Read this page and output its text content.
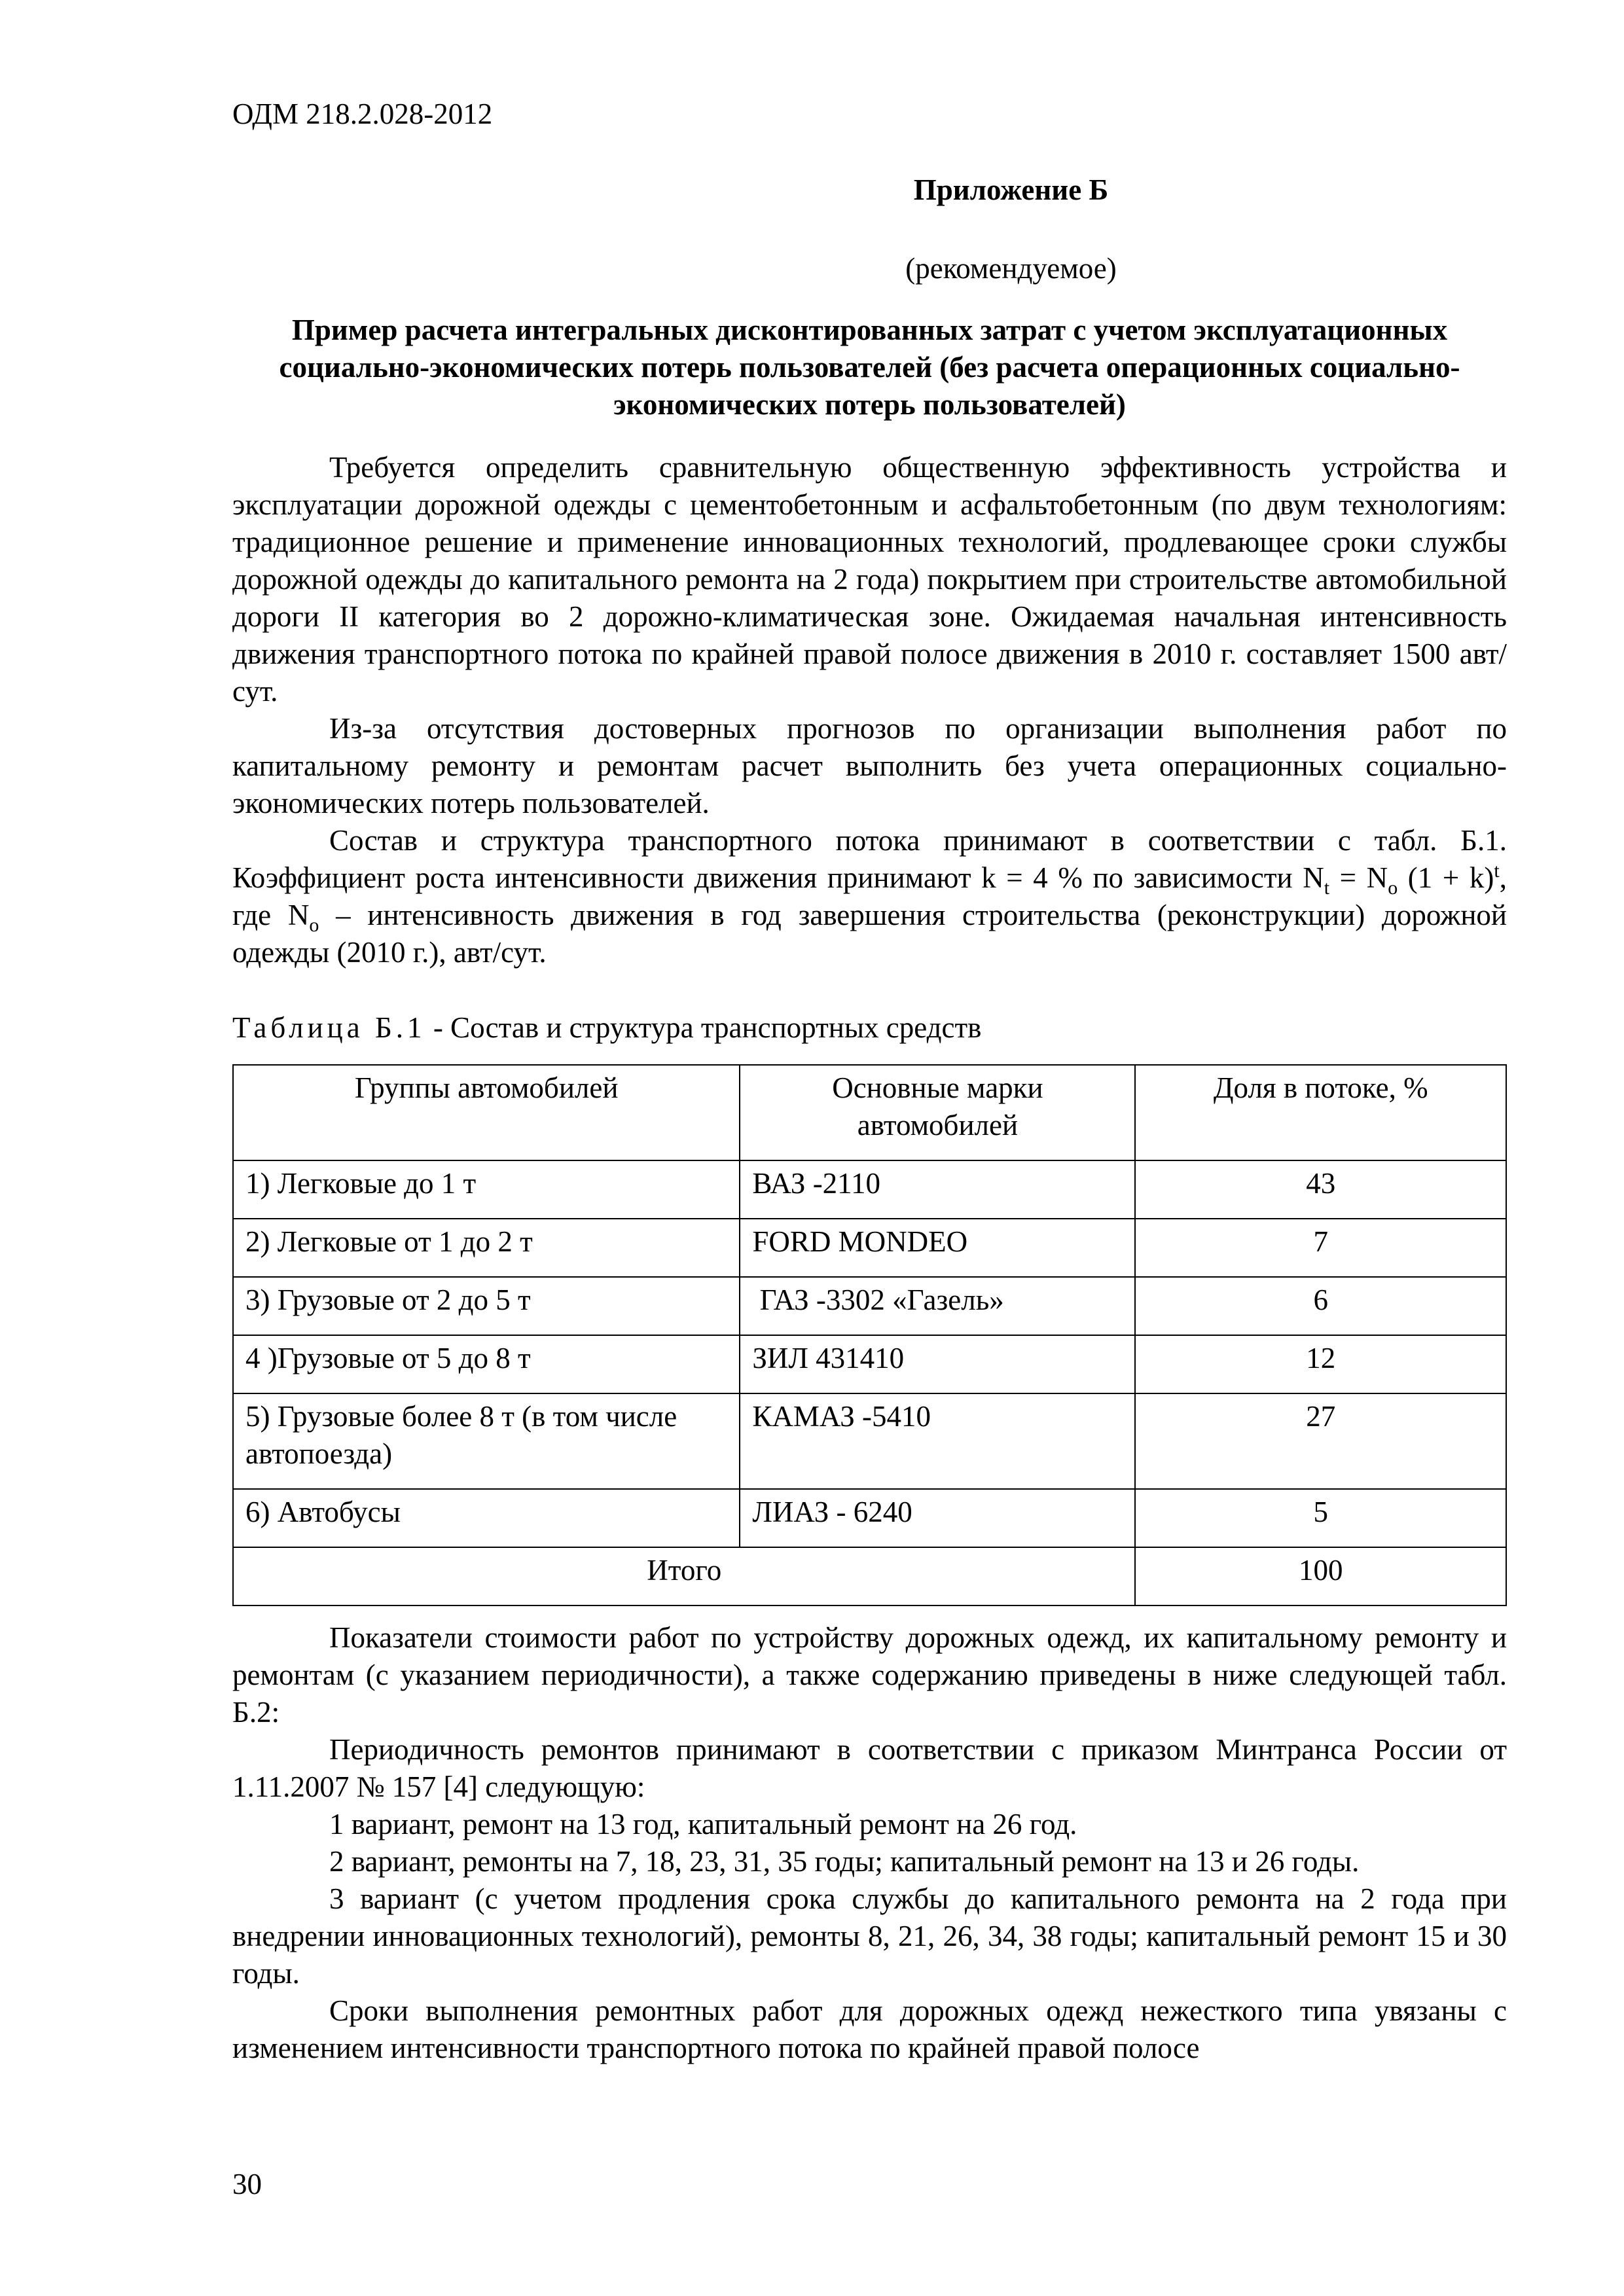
ОДМ 218.2.028-2012
Приложение Б
(рекомендуемое)
Пример расчета интегральных дисконтированных затрат с учетом эксплуатационных
социально-экономических потерь пользователей (без расчета операционных социально-
экономических потерь пользователей)

Требуется определить сравнительную общественную эффективность устройства и эксплуатации дорожной одежды с цементобетонным и асфальтобетонным (по двум технологиям: традиционное решение и применение инновационных технологий, продлевающее сроки службы дорожной одежды до капитального ремонта на 2 года) покрытием при строительстве автомобильной дороги II категория во 2 дорожно-климатическая зоне. Ожидаемая начальная интенсивность движения транспортного потока по крайней правой полосе движения в 2010 г. составляет 1500 авт/сут.

Из-за отсутствия достоверных прогнозов по организации выполнения работ по капитальному ремонту и ремонтам расчет выполнить без учета операционных социально-экономических потерь пользователей.

Состав и структура транспортного потока принимают в соответствии с табл. Б.1. Коэффициент роста интенсивности движения принимают k = 4 % по зависимости $N_t = N_o$ $(1 + k)^t$, где $N_o$ – интенсивность движения в год завершения строительства (реконструкции) дорожной одежды (2010 г.), авт/сут.

Таблица Б.1 - Состав и структура транспортных средств
Группы автомобилей	Основные марки автомобилей	Доля в потоке, %
1) Легковые до 1 т	ВАЗ -2110	43
2) Легковые от 1 до 2 т	FORD MONDEO	7
3) Грузовые от 2 до 5 т	ГАЗ -3302 «Газель»	6
4 )Грузовые от 5 до 8 т	ЗИЛ 431410	12
5) Грузовые более 8 т (в том числе автопоезда)	КАМАЗ -5410	27
6) Автобусы	ЛИАЗ - 6240	5
Итого		100

Показатели стоимости работ по устройству дорожных одежд, их капитальному ремонту и ремонтам (с указанием периодичности), а также содержанию приведены в ниже следующей табл. Б.2:

Периодичность ремонтов принимают в соответствии с приказом Минтранса России от 1.11.2007 № 157 [4] следующую:

1 вариант, ремонт на 13 год, капитальный ремонт на 26 год.

2 вариант, ремонты на 7, 18, 23, 31, 35 годы; капитальный ремонт на 13 и 26 годы.

3 вариант (с учетом продления срока службы до капитального ремонта на 2 года при внедрении инновационных технологий), ремонты 8, 21, 26, 34, 38 годы; капитальный ремонт 15 и 30 годы.

Сроки выполнения ремонтных работ для дорожных одежд нежесткого типа увязаны с изменением интенсивности транспортного потока по крайней правой полосе

30
